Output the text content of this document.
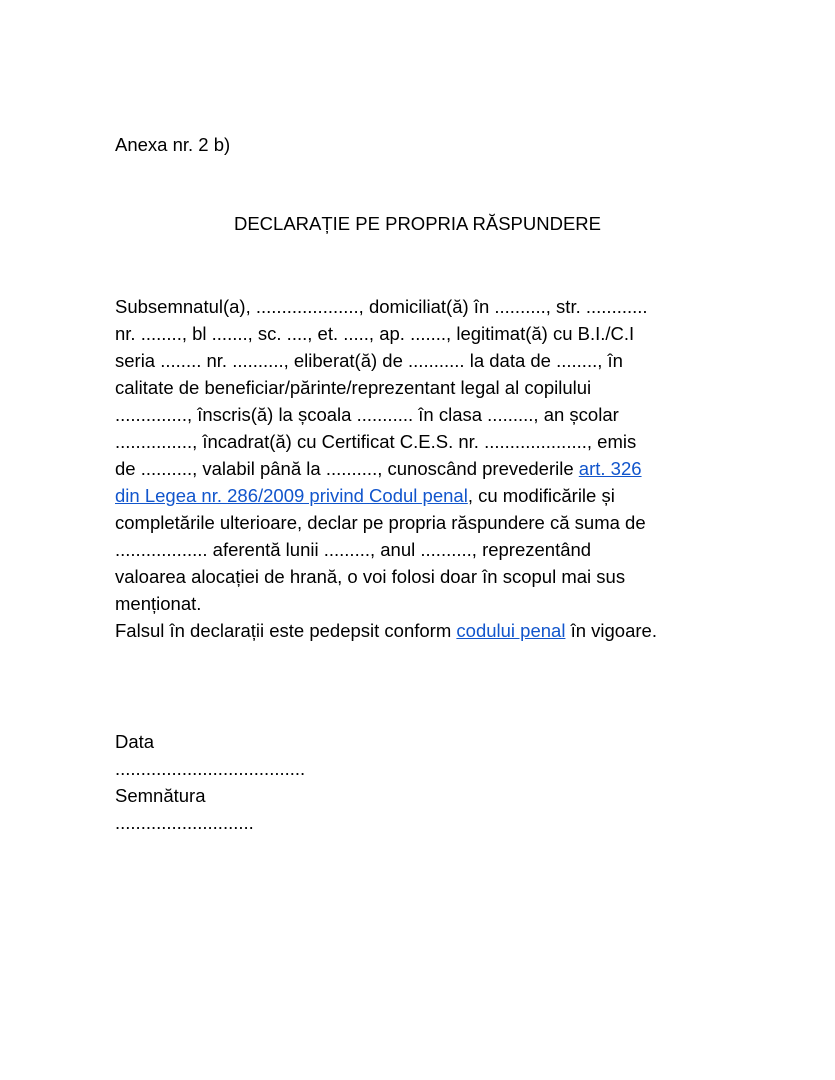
Anexa nr. 2 b)
DECLARAȚIE PE PROPRIA RĂSPUNDERE
Subsemnatul(a), ...................., domiciliat(ă) în .........., str. ............
nr. ........, bl ......., sc. ...., et. ....., ap. ......., legitimat(ă) cu B.I./C.I
seria ........ nr. .........., eliberat(ă) de ........... la data de ........, în
calitate de beneficiar/părinte/reprezentant legal al copilului
.............., înscris(ă) la școala ........... în clasa ........., an școlar
..............., încadrat(ă) cu Certificat C.E.S. nr. ...................., emis
de .........., valabil până la .........., cunoscând prevederile art. 326
din Legea nr. 286/2009 privind Codul penal, cu modificările și
completările ulterioare, declar pe propria răspundere că suma de
.................. aferentă lunii ........., anul .........., reprezentând
valoarea alocației de hrană, o voi folosi doar în scopul mai sus
menționat.
Falsul în declarații este pedepsit conform codului penal în vigoare.
Data
.....................................
Semnătura
...........................
